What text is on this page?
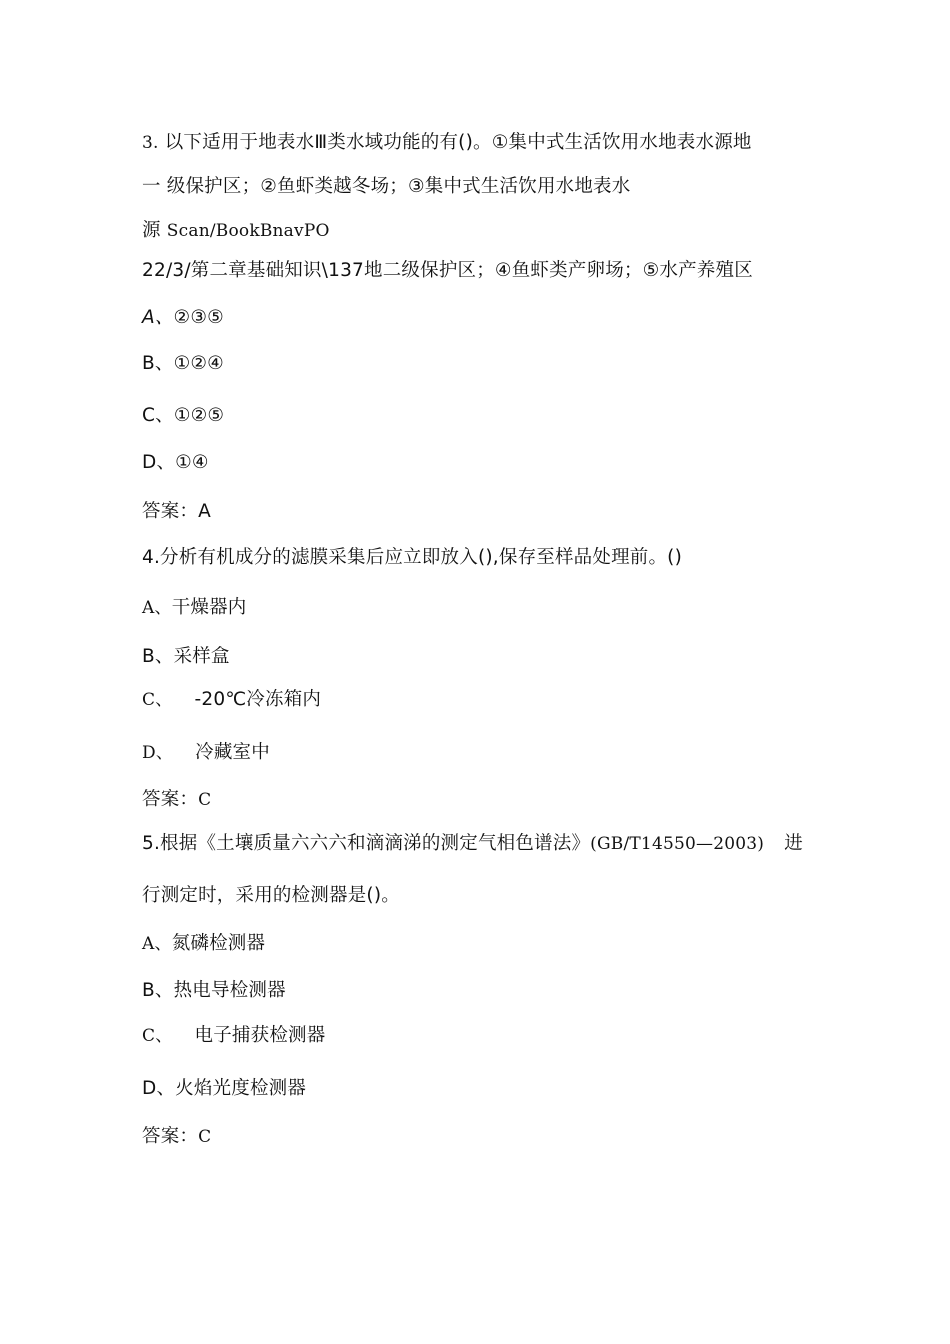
3. 以下适用于地表水Ⅲ类水域功能的有()。①集中式生活饮用水地表水源地
一 级保护区；②鱼虾类越冬场；③集中式生活饮用水地表水
源 Scan/BookBnavPO
22/3/第二章基础知识\137地二级保护区；④鱼虾类产卵场；⑤水产养殖区
A、②③⑤
B、①②④
C、①②⑤
D、①④
答案：A
4.分析有机成分的滤膜采集后应立即放入(),保存至样品处理前。()
A、干燥器内
B、采样盒
C、 -20℃冷冻箱内
D、 冷藏室中
答案：C
5.根据《土壤质量六六六和滴滴涕的测定气相色谱法》(GB/T14550—2003) 进
行测定时，采用的检测器是()。
A、氮磷检测器
B、热电导检测器
C、 电子捕获检测器
D、火焰光度检测器
答案：C
